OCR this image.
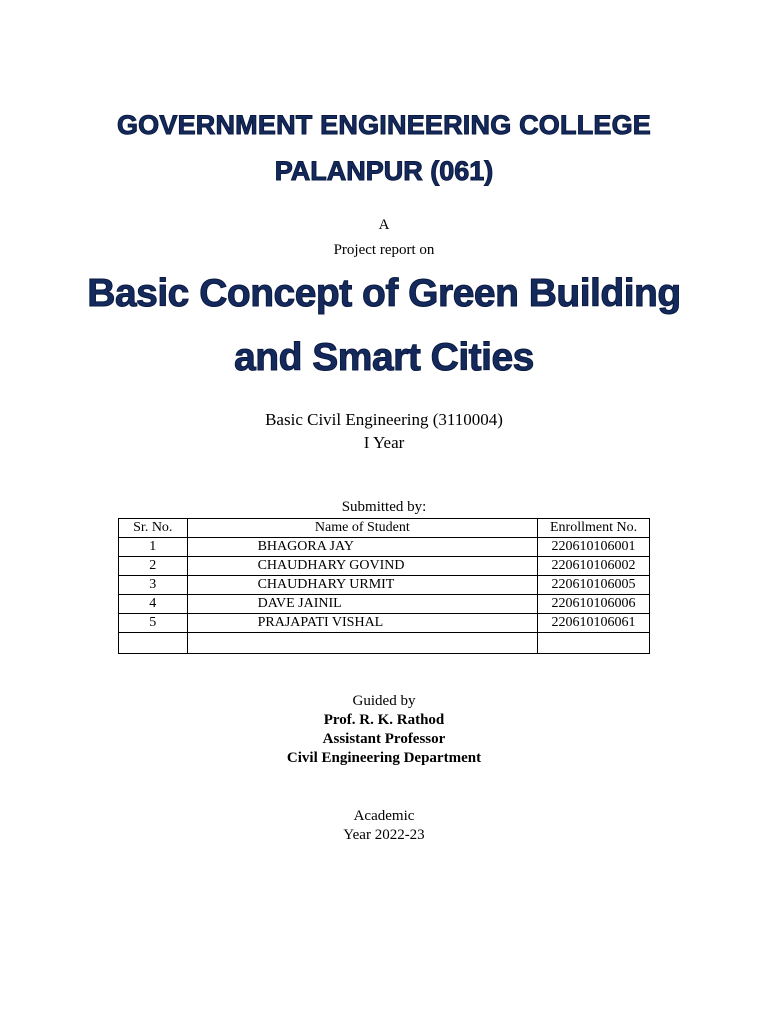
GOVERNMENT ENGINEERING COLLEGE
PALANPUR (061)
A
Project report on
Basic Concept of Green Building
and Smart Cities
Basic Civil Engineering (3110004)
I Year
Submitted by:
Sr. No.	Name of Student	Enrollment No.
1	BHAGORA JAY	220610106001
2	CHAUDHARY GOVIND	220610106002
3	CHAUDHARY URMIT	220610106005
4	DAVE JAINIL	220610106006
5	PRAJAPATI VISHAL	220610106061

Guided by
Prof. R. K. Rathod
Assistant Professor
Civil Engineering Department
Academic
Year 2022-23
